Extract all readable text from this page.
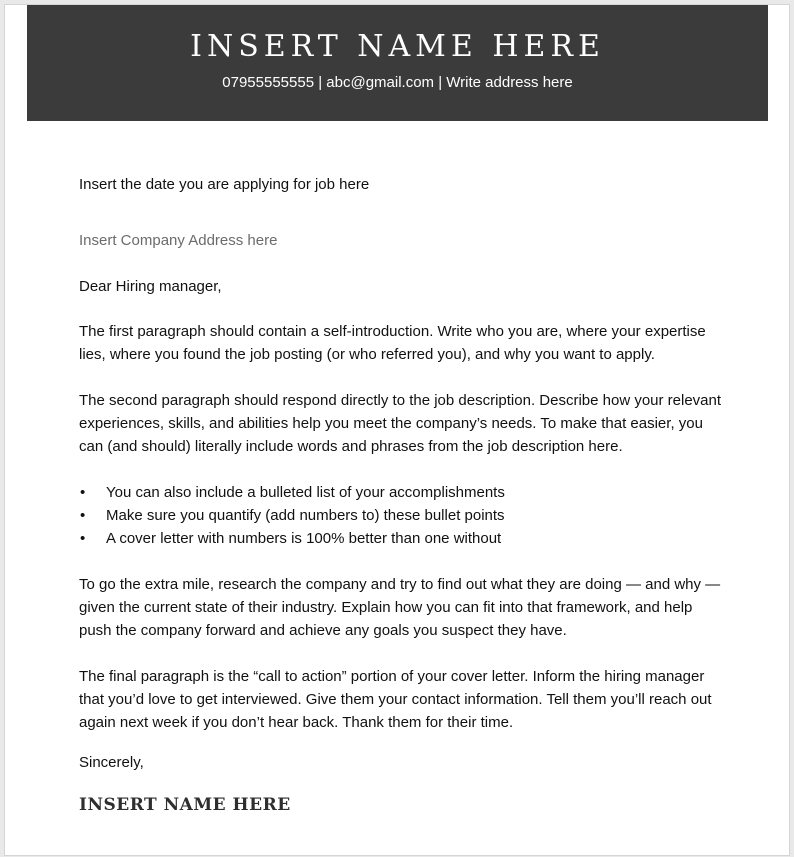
INSERT NAME HERE
07955555555 | abc@gmail.com | Write address here

Insert the date you are applying for job here

Insert Company Address here

Dear Hiring manager,

The first paragraph should contain a self-introduction. Write who you are, where your expertise lies, where you found the job posting (or who referred you), and why you want to apply.

The second paragraph should respond directly to the job description. Describe how your relevant experiences, skills, and abilities help you meet the company’s needs. To make that easier, you can (and should) literally include words and phrases from the job description here.

• You can also include a bulleted list of your accomplishments
• Make sure you quantify (add numbers to) these bullet points
• A cover letter with numbers is 100% better than one without

To go the extra mile, research the company and try to find out what they are doing — and why — given the current state of their industry. Explain how you can fit into that framework, and help push the company forward and achieve any goals you suspect they have.

The final paragraph is the “call to action” portion of your cover letter. Inform the hiring manager that you’d love to get interviewed. Give them your contact information. Tell them you’ll reach out again next week if you don’t hear back. Thank them for their time.

Sincerely,

INSERT NAME HERE
